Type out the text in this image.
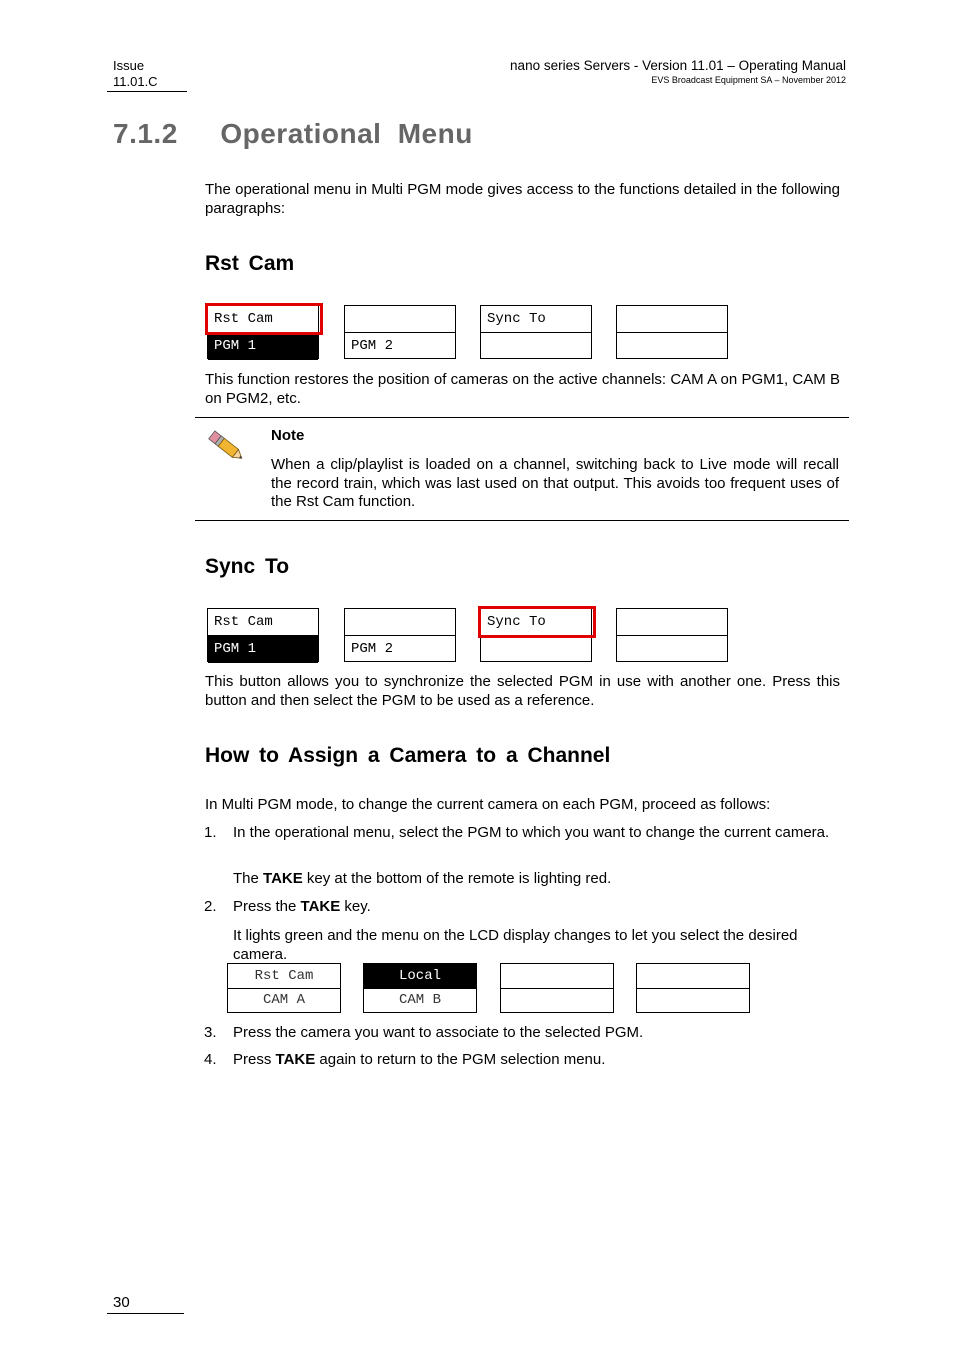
Issue
11.01.C
nano series Servers - Version 11.01 – Operating Manual
EVS Broadcast Equipment SA – November 2012
7.1.2 Operational Menu
The operational menu in Multi PGM mode gives access to the functions detailed in the following paragraphs:
Rst Cam
Rst Cam
PGM 1	PGM 2
Sync To
This function restores the position of cameras on the active channels: CAM A on PGM1, CAM B on PGM2, etc.
Note
When a clip/playlist is loaded on a channel, switching back to Live mode will recall the record train, which was last used on that output. This avoids too frequent uses of the Rst Cam function.
Sync To
Rst Cam
PGM 1	PGM 2
Sync To
This button allows you to synchronize the selected PGM in use with another one. Press this button and then select the PGM to be used as a reference.
How to Assign a Camera to a Channel
In Multi PGM mode, to change the current camera on each PGM, proceed as follows:
1. In the operational menu, select the PGM to which you want to change the current camera.
The TAKE key at the bottom of the remote is lighting red.
2. Press the TAKE key.
It lights green and the menu on the LCD display changes to let you select the desired camera.
Rst Cam
CAM A
Local
CAM B
3. Press the camera you want to associate to the selected PGM.
4. Press TAKE again to return to the PGM selection menu.
30
